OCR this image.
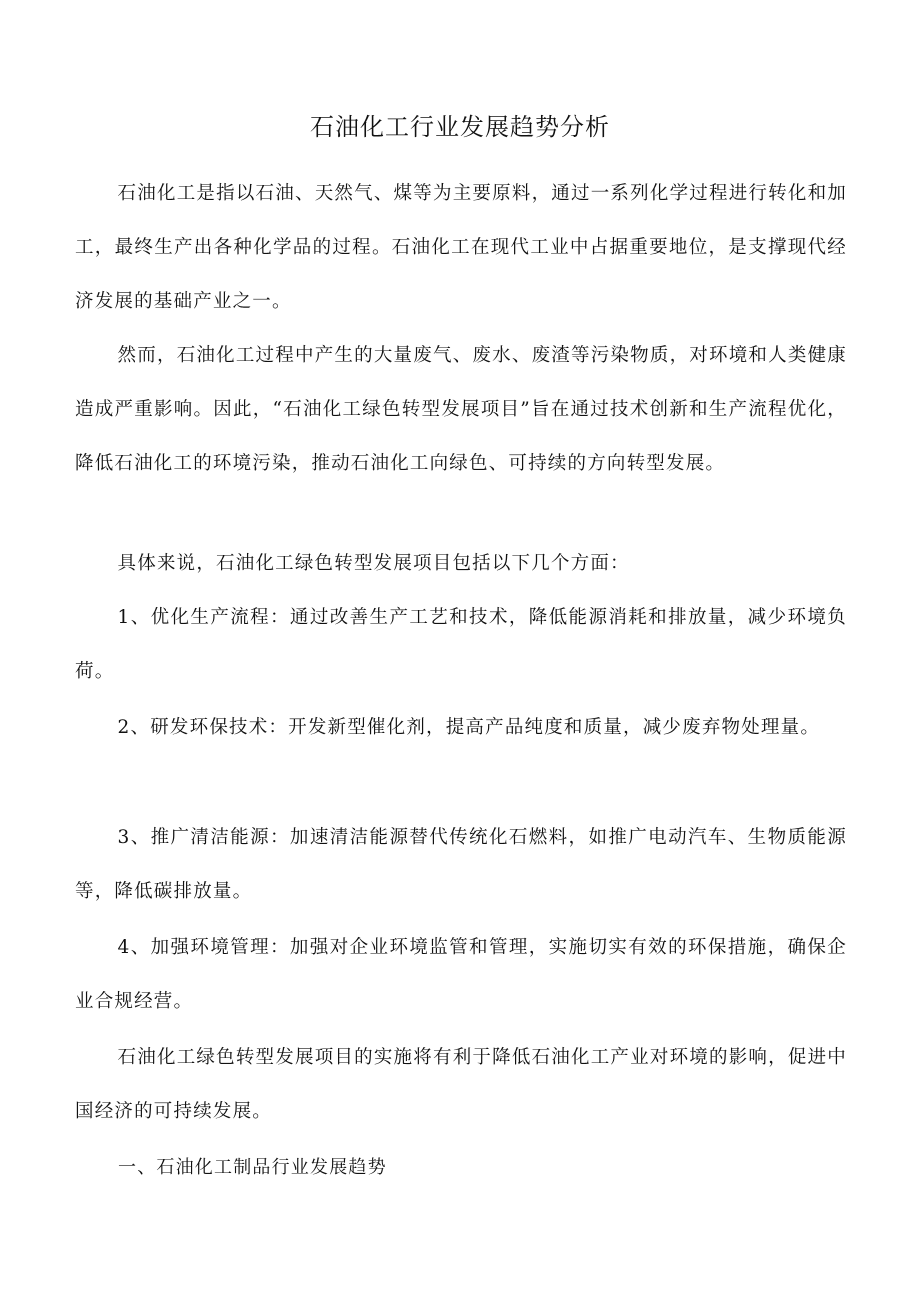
石油化工行业发展趋势分析

石油化工是指以石油、天然气、煤等为主要原料，通过一系列化学过程进行转化和加工，最终生产出各种化学品的过程。石油化工在现代工业中占据重要地位，是支撑现代经济发展的基础产业之一。

然而，石油化工过程中产生的大量废气、废水、废渣等污染物质，对环境和人类健康造成严重影响。因此，“石油化工绿色转型发展项目”旨在通过技术创新和生产流程优化，降低石油化工的环境污染，推动石油化工向绿色、可持续的方向转型发展。

具体来说，石油化工绿色转型发展项目包括以下几个方面：

1、优化生产流程：通过改善生产工艺和技术，降低能源消耗和排放量，减少环境负荷。

2、研发环保技术：开发新型催化剂，提高产品纯度和质量，减少废弃物处理量。

3、推广清洁能源：加速清洁能源替代传统化石燃料，如推广电动汽车、生物质能源等，降低碳排放量。

4、加强环境管理：加强对企业环境监管和管理，实施切实有效的环保措施，确保企业合规经营。

石油化工绿色转型发展项目的实施将有利于降低石油化工产业对环境的影响，促进中国经济的可持续发展。

一、石油化工制品行业发展趋势
